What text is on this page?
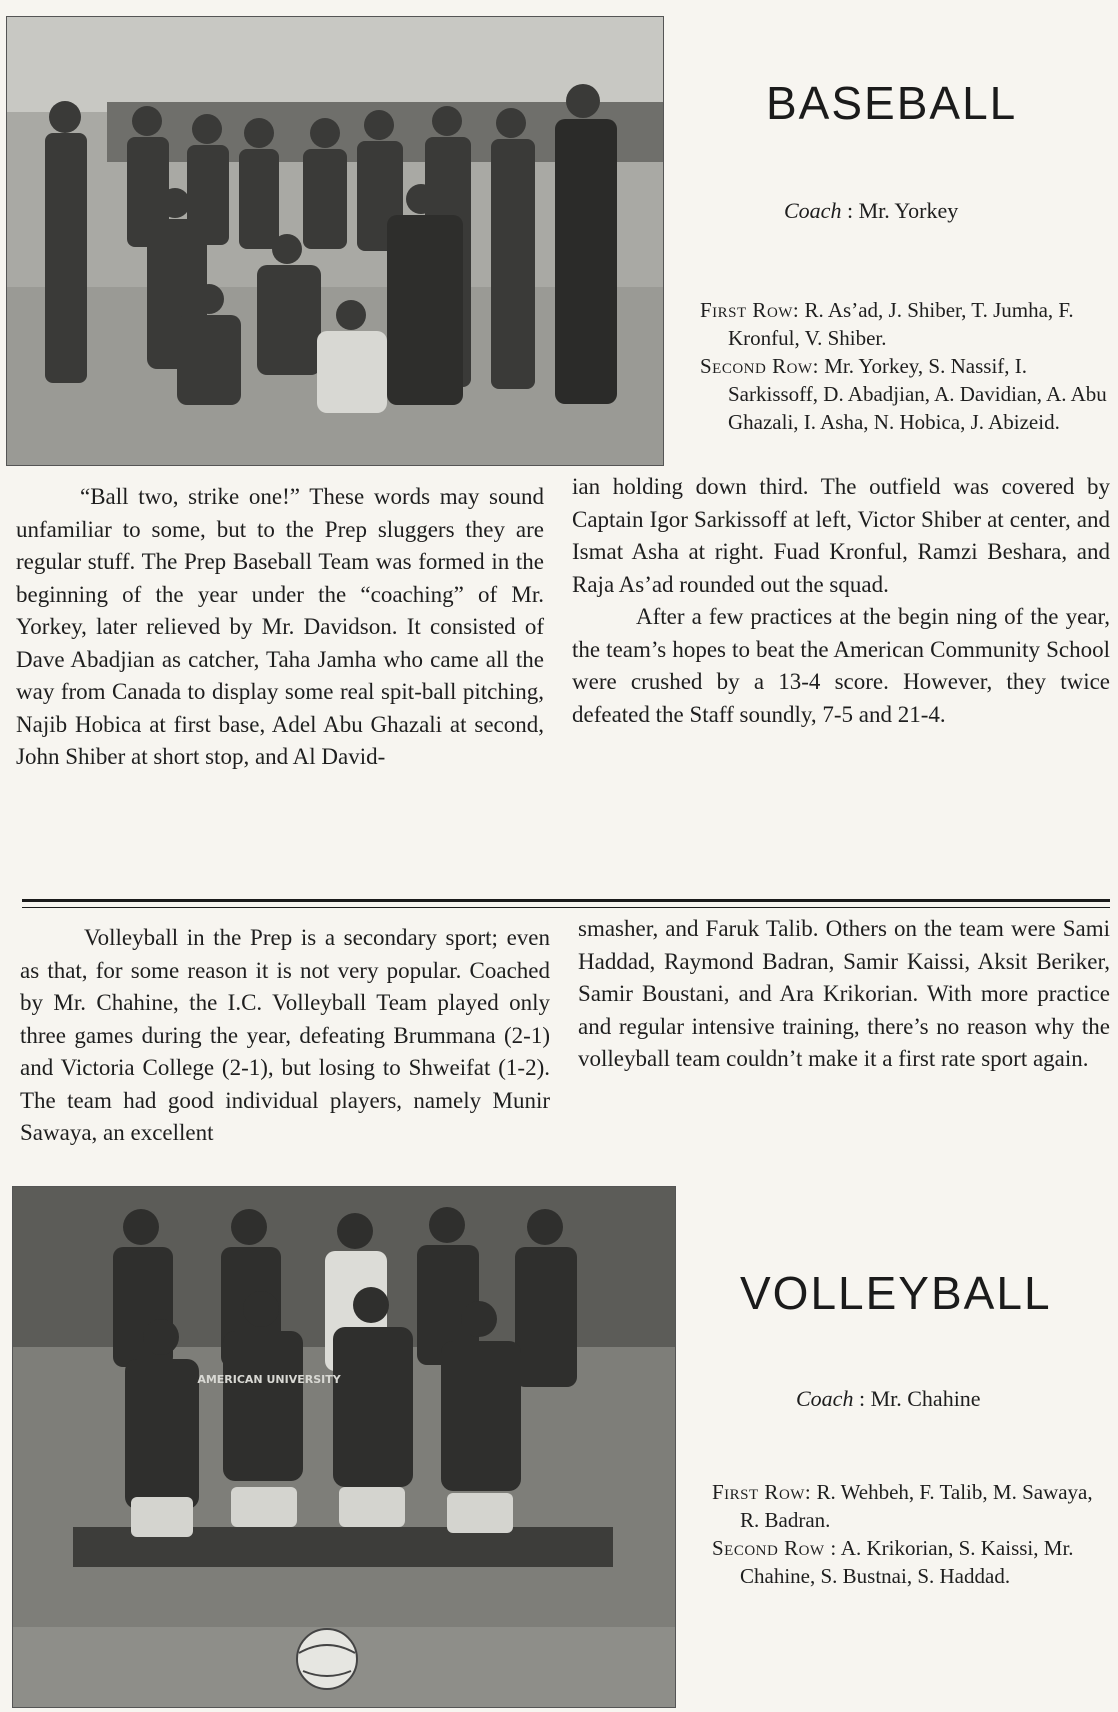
BASEBALL
Coach : Mr. Yorkey

First Row: R. As’ad, J. Shiber, T. Jumha, F. Kronful, V. Shiber.

Second Row: Mr. Yorkey, S. Nassif, I. Sarkissoff, D. Abadjian, A. Davidian, A. Abu Ghazali, I. Asha, N. Hobica, J. Abizeid.

“Ball two, strike one!” These words may sound unfamiliar to some, but to the Prep sluggers they are regular stuff. The Prep Baseball Team was formed in the beginning of the year under the “coaching” of Mr. Yorkey, later relieved by Mr. Davidson. It consisted of Dave Abadjian as catcher, Taha Jamha who came all the way from Canada to display some real spit-ball pitching, Najib Hobica at first base, Adel Abu Ghazali at second, John Shiber at short stop, and Al David-

ian holding down third. The outfield was covered by Captain Igor Sarkissoff at left, Victor Shiber at center, and Ismat Asha at right. Fuad Kronful, Ramzi Beshara, and Raja As’ad rounded out the squad.

After a few practices at the begin ning of the year, the team’s hopes to beat the American Community School were crushed by a 13-4 score. However, they twice defeated the Staff soundly, 7-5 and 21-4.

Volleyball in the Prep is a secondary sport; even as that, for some reason it is not very popular. Coached by Mr. Chahine, the I.C. Volleyball Team played only three games during the year, defeating Brummana (2-1) and Victoria College (2-1), but losing to Shweifat (1-2). The team had good individual players, namely Munir Sawaya, an excellent

smasher, and Faruk Talib. Others on the team were Sami Haddad, Raymond Badran, Samir Kaissi, Aksit Beriker, Samir Boustani, and Ara Krikorian. With more practice and regular intensive training, there’s no reason why the volleyball team couldn’t make it a first rate sport again.

AMERICAN UNIVERSITY
VOLLEYBALL
Coach : Mr. Chahine

First Row: R. Wehbeh, F. Talib, M. Sawaya, R. Badran.

Second Row : A. Krikorian, S. Kaissi, Mr. Chahine, S. Bustnai, S. Haddad.
